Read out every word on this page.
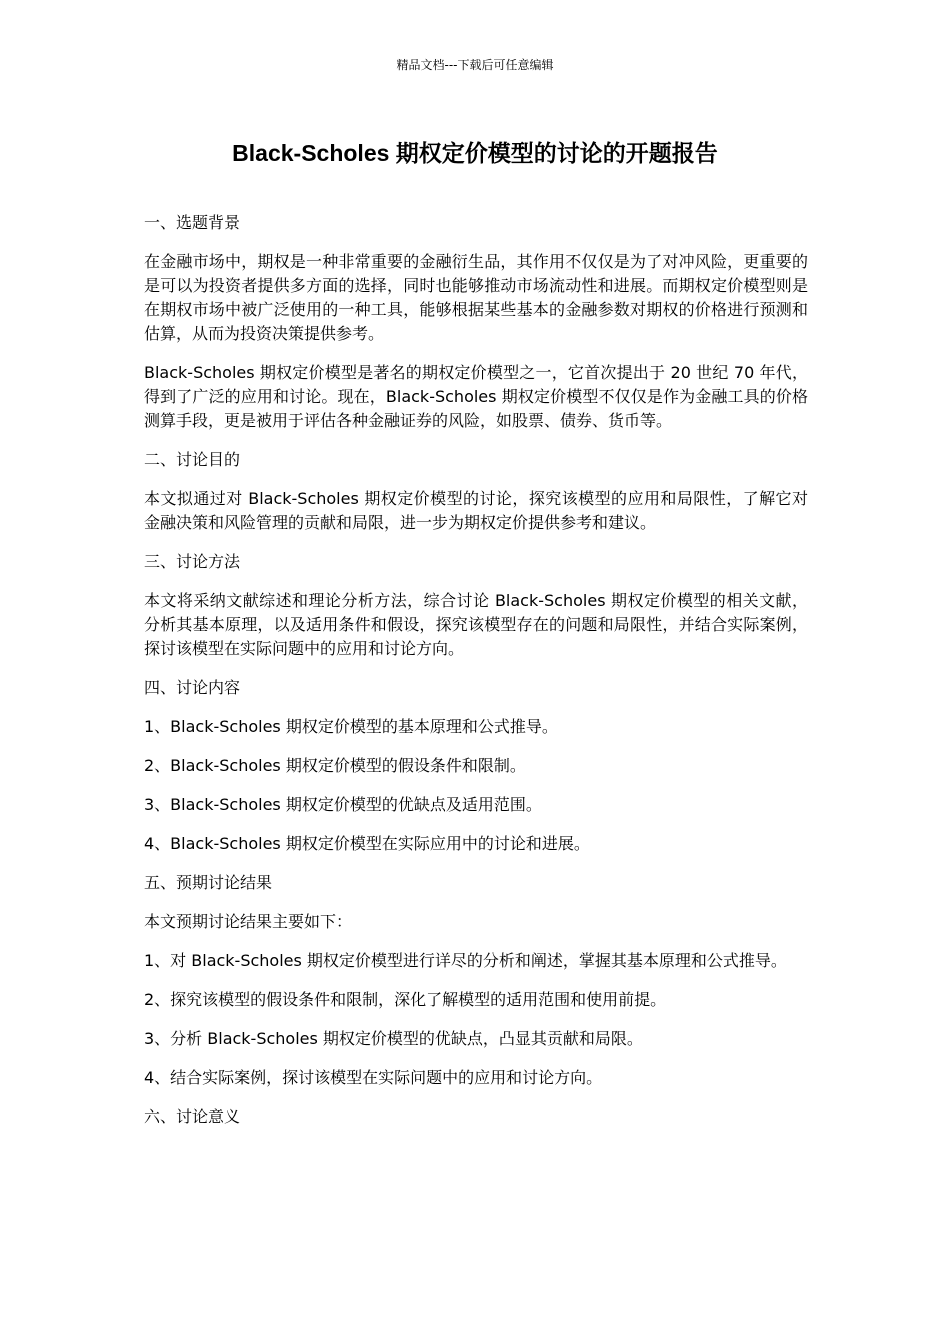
精品文档---下载后可任意编辑
Black-Scholes 期权定价模型的讨论的开题报告

一、选题背景

在金融市场中，期权是一种非常重要的金融衍生品，其作用不仅仅是为了对冲风险，更重要的是可以为投资者提供多方面的选择，同时也能够推动市场流动性和进展。而期权定价模型则是在期权市场中被广泛使用的一种工具，能够根据某些基本的金融参数对期权的价格进行预测和估算，从而为投资决策提供参考。

Black-Scholes 期权定价模型是著名的期权定价模型之一，它首次提出于 20 世纪 70 年代，得到了广泛的应用和讨论。现在，Black-Scholes 期权定价模型不仅仅是作为金融工具的价格测算手段，更是被用于评估各种金融证券的风险，如股票、债券、货币等。

二、讨论目的

本文拟通过对 Black-Scholes 期权定价模型的讨论，探究该模型的应用和局限性，了解它对金融决策和风险管理的贡献和局限，进一步为期权定价提供参考和建议。

三、讨论方法

本文将采纳文献综述和理论分析方法，综合讨论 Black-Scholes 期权定价模型的相关文献，分析其基本原理，以及适用条件和假设，探究该模型存在的问题和局限性，并结合实际案例，探讨该模型在实际问题中的应用和讨论方向。

四、讨论内容

1、Black-Scholes 期权定价模型的基本原理和公式推导。

2、Black-Scholes 期权定价模型的假设条件和限制。

3、Black-Scholes 期权定价模型的优缺点及适用范围。

4、Black-Scholes 期权定价模型在实际应用中的讨论和进展。

五、预期讨论结果

本文预期讨论结果主要如下：

1、对 Black-Scholes 期权定价模型进行详尽的分析和阐述，掌握其基本原理和公式推导。

2、探究该模型的假设条件和限制，深化了解模型的适用范围和使用前提。

3、分析 Black-Scholes 期权定价模型的优缺点，凸显其贡献和局限。

4、结合实际案例，探讨该模型在实际问题中的应用和讨论方向。

六、讨论意义
